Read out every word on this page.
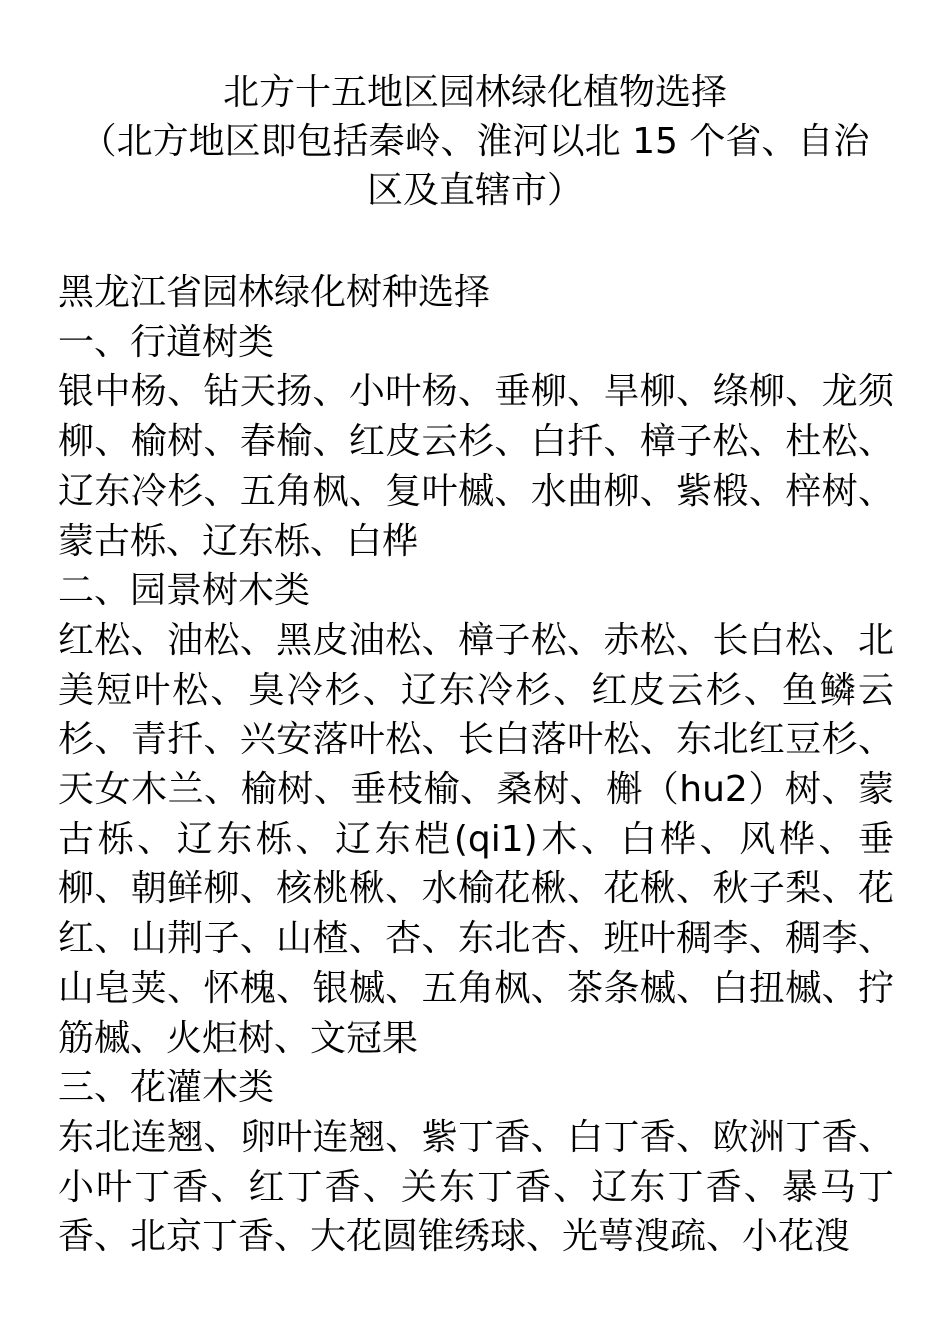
北方十五地区园林绿化植物选择
（北方地区即包括秦岭、淮河以北 15 个省、自治
区及直辖市）

黑龙江省园林绿化树种选择

一、行道树类

银中杨、钻天扬、小叶杨、垂柳、旱柳、绦柳、龙须柳、榆树、春榆、红皮云杉、白扦、樟子松、杜松、辽东冷杉、五角枫、复叶槭、水曲柳、紫椴、梓树、蒙古栎、辽东栎、白桦

二、园景树木类

红松、油松、黑皮油松、樟子松、赤松、长白松、北美短叶松、臭冷杉、辽东冷杉、红皮云杉、鱼鳞云杉、青扦、兴安落叶松、长白落叶松、东北红豆杉、天女木兰、榆树、垂枝榆、桑树、槲（hu2）树、蒙古栎、辽东栎、辽东桤(qi1)木、白桦、风桦、垂柳、朝鲜柳、核桃楸、水榆花楸、花楸、秋子梨、花红、山荆子、山楂、杏、东北杏、班叶稠李、稠李、山皂荚、怀槐、银槭、五角枫、茶条槭、白扭槭、拧筋槭、火炬树、文冠果

三、花灌木类

东北连翘、卵叶连翘、紫丁香、白丁香、欧洲丁香、小叶丁香、红丁香、关东丁香、辽东丁香、暴马丁香、北京丁香、大花圆锥绣球、光萼溲疏、小花溲
